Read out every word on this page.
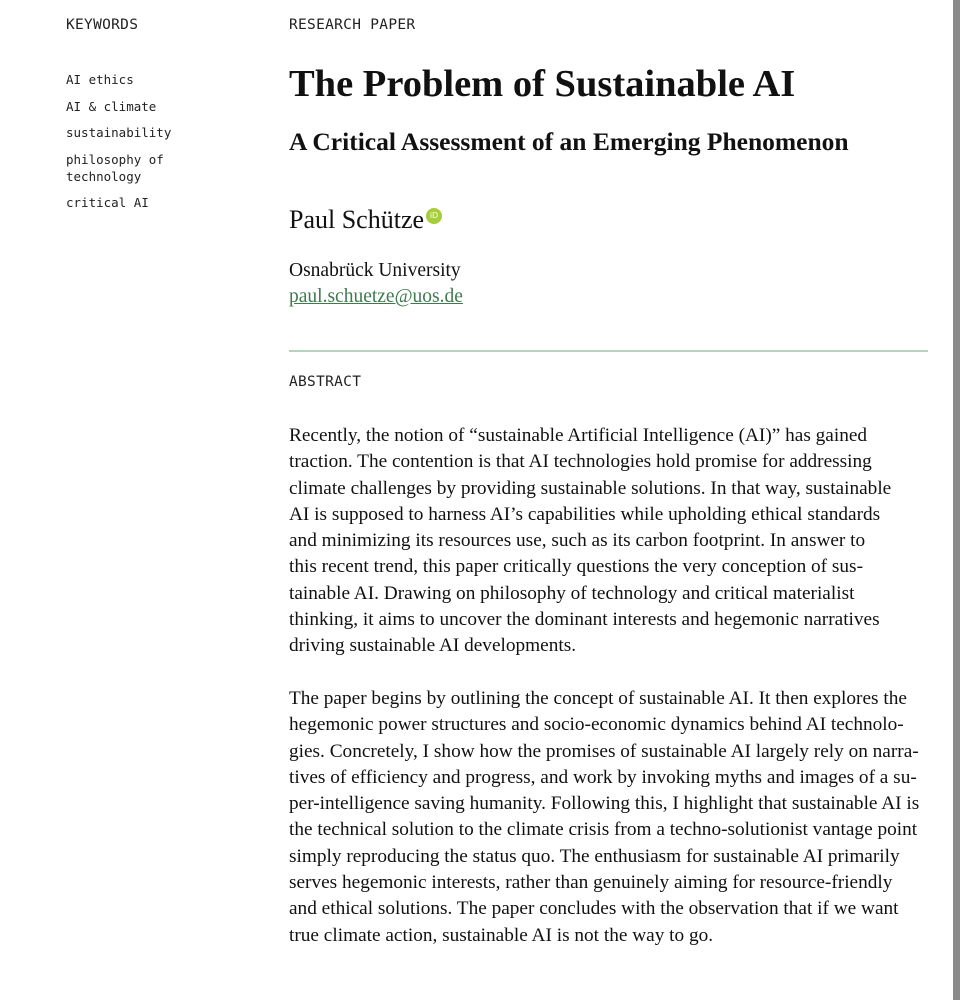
KEYWORDS
AI ethics
AI & climate
sustainability
philosophy of
technology
critical AI
RESEARCH PAPER
The Problem of Sustainable AI
A Critical Assessment of an Emerging Phenomenon
Paul Schütze iD
Osnabrück University
paul.schuetze@uos.de
ABSTRACT

Recently, the notion of “sustainable Artificial Intelligence (AI)” has gained
traction. The contention is that AI technologies hold promise for addressing
climate challenges by providing sustainable solutions. In that way, sustainable
AI is supposed to harness AI’s capabilities while upholding ethical standards
and minimizing its resources use, such as its carbon footprint. In answer to
this recent trend, this paper critically questions the very conception of sus-
tainable AI. Drawing on philosophy of technology and critical materialist
thinking, it aims to uncover the dominant interests and hegemonic narratives
driving sustainable AI developments.

The paper begins by outlining the concept of sustainable AI. It then explores the
hegemonic power structures and socio-economic dynamics behind AI technolo-
gies. Concretely, I show how the promises of sustainable AI largely rely on narra-
tives of efficiency and progress, and work by invoking myths and images of a su-
per-intelligence saving humanity. Following this, I highlight that sustainable AI is
the technical solution to the climate crisis from a techno-solutionist vantage point
simply reproducing the status quo. The enthusiasm for sustainable AI primarily
serves hegemonic interests, rather than genuinely aiming for resource-friendly
and ethical solutions. The paper concludes with the observation that if we want
true climate action, sustainable AI is not the way to go.
